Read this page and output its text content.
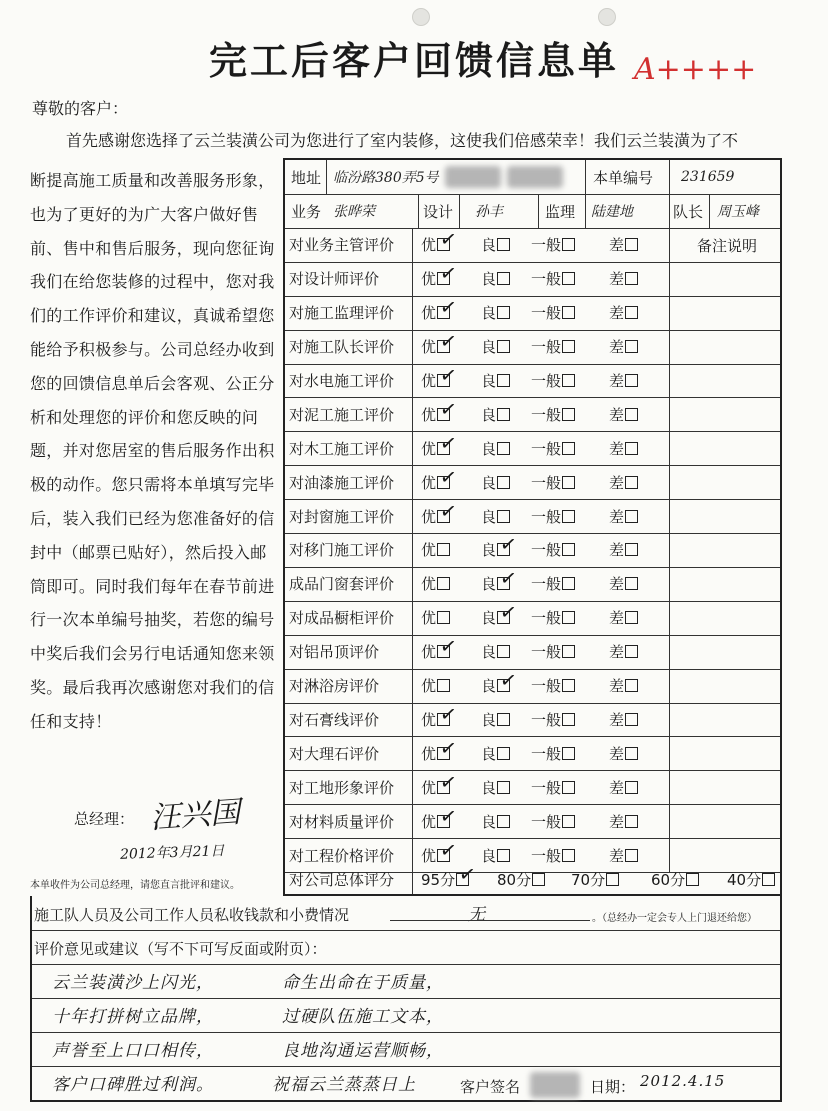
完工后客户回馈信息单 A++++
尊敬的客户：
首先感谢您选择了云兰装潢公司为您进行了室内装修，这使我们倍感荣幸！我们云兰装潢为了不
断提高施工质量和改善服务形象，也为了更好的为广大客户做好售前、售中和售后服务，现向您征询我们在给您装修的过程中，您对我们的工作评价和建议，真诚希望您能给予积极参与。公司总经办收到您的回馈信息单后会客观、公正分析和处理您的评价和您反映的问题，并对您居室的售后服务作出积极的动作。您只需将本单填写完毕后，装入我们已经为您准备好的信封中（邮票已贴好），然后投入邮筒即可。同时我们每年在春节前进行一次本单编号抽奖，若您的编号中奖后我们会另行电话通知您来领奖。最后我再次感谢您对我们的信任和支持！
总经理： 汪兴国
2012年3月21日
本单收件为公司总经理，请您直言批评和建议。
地址 临汾路380弄5号	本单编号 231659
业务 张晔荣	设计 孙丰	监理 陆建地	队长 周玉峰
备注说明
对业务主管评价 优 ✓ 良 一般	差
对设计师评价	优 ✓ 良 一般	差
对施工监理评价 优 ✓ 良 一般	差
对施工队长评价 优 ✓ 良 一般	差
对水电施工评价 优 ✓ 良 一般	差
对泥工施工评价 优 ✓ 良 一般	差
对木工施工评价 优 ✓ 良 一般	差
对油漆施工评价 优 ✓ 良 一般	差
对封窗施工评价 优 ✓ 良 一般	差
对移门施工评价 优	良 ✓ 一般	差
成品门窗套评价 优	良 ✓ 一般	差
对成品橱柜评价 优	良 ✓ 一般	差
对铝吊顶评价	优 ✓ 良 一般	差
对淋浴房评价	优	良 ✓ 一般	差
对石膏线评价	优 ✓ 良 一般	差
对大理石评价	优 ✓ 良 一般	差
对工地形象评价 优 ✓ 良 一般	差
对材料质量评价 优 ✓ 良 一般	差
对工程价格评价 优 ✓ 良 一般	差
对公司总体评分 95分 ✓ 80分	70分	60分	40分
施工队人员及公司工作人员私收钱款和小费情况	无	。（总经办一定会专人上门退还给您）
评价意见或建议（写不下可写反面或附页）：
云兰装潢沙上闪光，	命生出命在于质量，
十年打拼树立品牌，	过硬队伍施工文本，
声誉至上口口相传，	良地沟通运营顺畅，
客户口碑胜过利润。	祝福云兰蒸蒸日上	客户签名	日期： 2012.4.15
